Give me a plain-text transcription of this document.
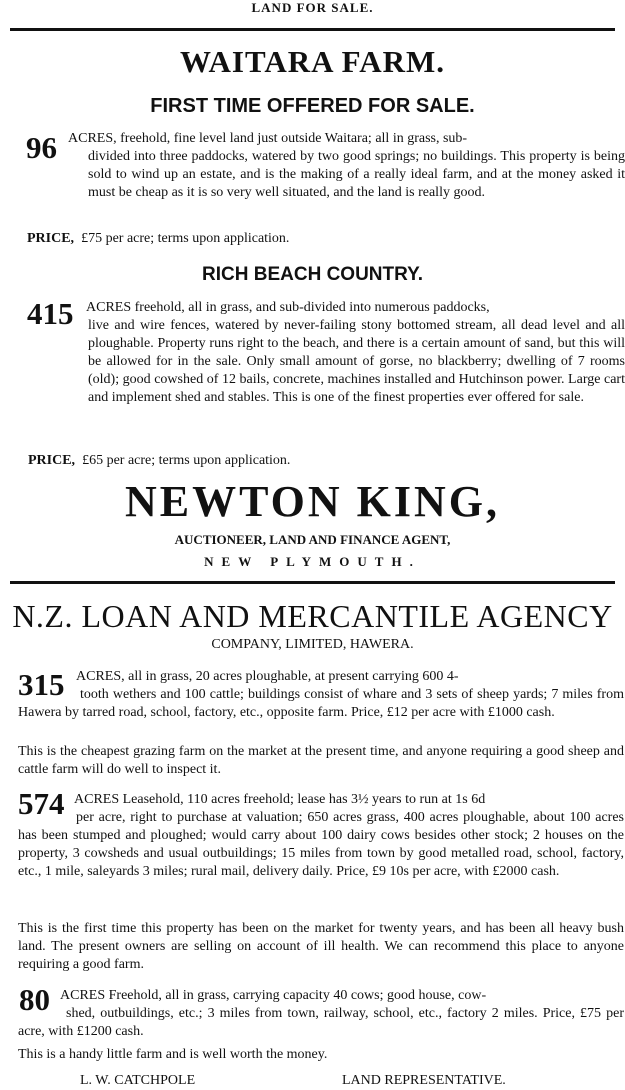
LAND FOR SALE.
WAITARA FARM.
FIRST TIME OFFERED FOR SALE.
96 ACRES, freehold, fine level land just outside Waitara; all in grass, sub-
divided into three paddocks, watered by two good springs; no buildings. This property is being sold to wind up an estate, and is the making of a really ideal farm, and at the money asked it must be cheap as it is so very well situated, and the land is really good.
PRICE, £75 per acre; terms upon application.
RICH BEACH COUNTRY.
415 ACRES freehold, all in grass, and sub-divided into numerous paddocks,
live and wire fences, watered by never-failing stony bottomed stream, all dead level and all ploughable. Property runs right to the beach, and there is a certain amount of sand, but this will be allowed for in the sale. Only small amount of gorse, no blackberry; dwelling of 7 rooms (old); good cowshed of 12 bails, concrete, machines installed and Hutchinson power. Large cart and implement shed and stables. This is one of the finest properties ever offered for sale.
PRICE, £65 per acre; terms upon application.
NEWTON KING,
AUCTIONEER, LAND AND FINANCE AGENT,
NEW PLYMOUTH.
N.Z. LOAN AND MERCANTILE AGENCY
COMPANY, LIMITED, HAWERA.
315 ACRES, all in grass, 20 acres ploughable, at present carrying 600 4-
tooth wethers and 100 cattle; buildings consist of whare and 3 sets of sheep yards; 7 miles from Hawera by tarred road, school, factory, etc., opposite farm. Price, £12 per acre with £1000 cash.
This is the cheapest grazing farm on the market at the present time, and anyone requiring a good sheep and cattle farm will do well to inspect it.
574 ACRES Leasehold, 110 acres freehold; lease has 3½ years to run at 1s 6d
per acre, right to purchase at valuation; 650 acres grass, 400 acres ploughable, about 100 acres has been stumped and ploughed; would carry about 100 dairy cows besides other stock; 2 houses on the property, 3 cowsheds and usual outbuildings; 15 miles from town by good metalled road, school, factory, etc., 1 mile, saleyards 3 miles; rural mail, delivery daily. Price, £9 10s per acre, with £2000 cash.
This is the first time this property has been on the market for twenty years, and has been all heavy bush land. The present owners are selling on account of ill health. We can recommend this place to anyone requiring a good farm.
80 ACRES Freehold, all in grass, carrying capacity 40 cows; good house, cow-
shed, outbuildings, etc.; 3 miles from town, railway, school, etc., factory 2 miles. Price, £75 per acre, with £1200 cash.
This is a handy little farm and is well worth the money.
L. W. CATCHPOLE	LAND REPRESENTATIVE.
